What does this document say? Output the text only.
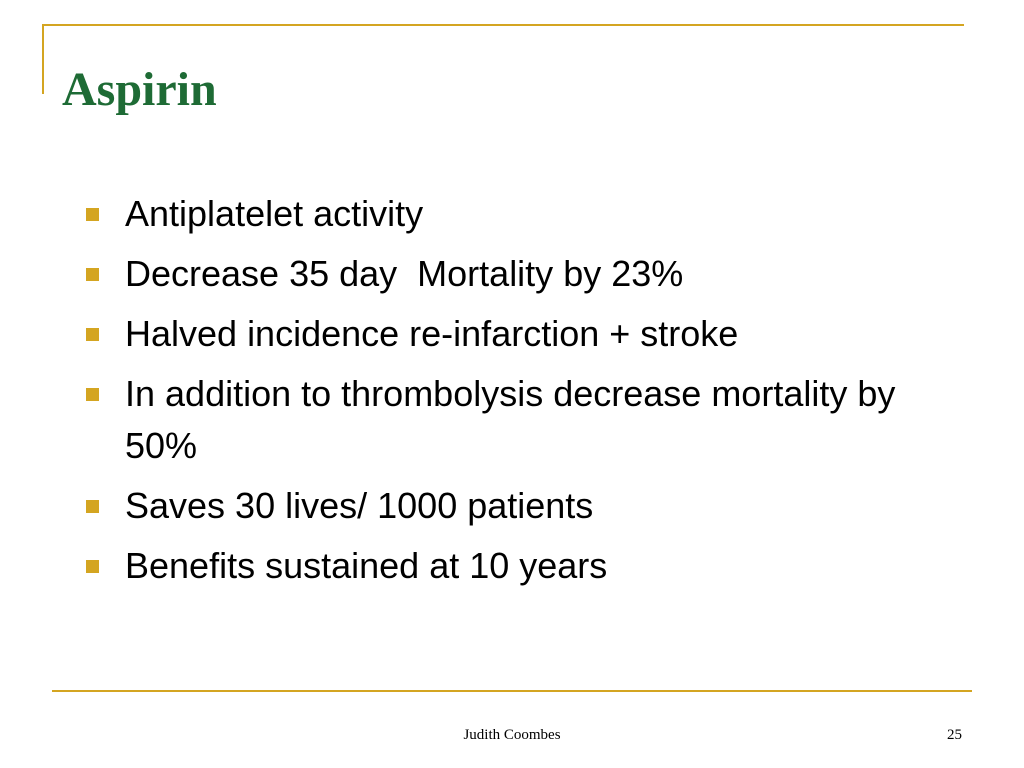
Aspirin
Antiplatelet activity
Decrease 35 day  Mortality by 23%
Halved incidence re-infarction + stroke
In addition to thrombolysis decrease mortality by 50%
Saves 30 lives/ 1000 patients
Benefits sustained at 10 years
Judith Coombes	25
